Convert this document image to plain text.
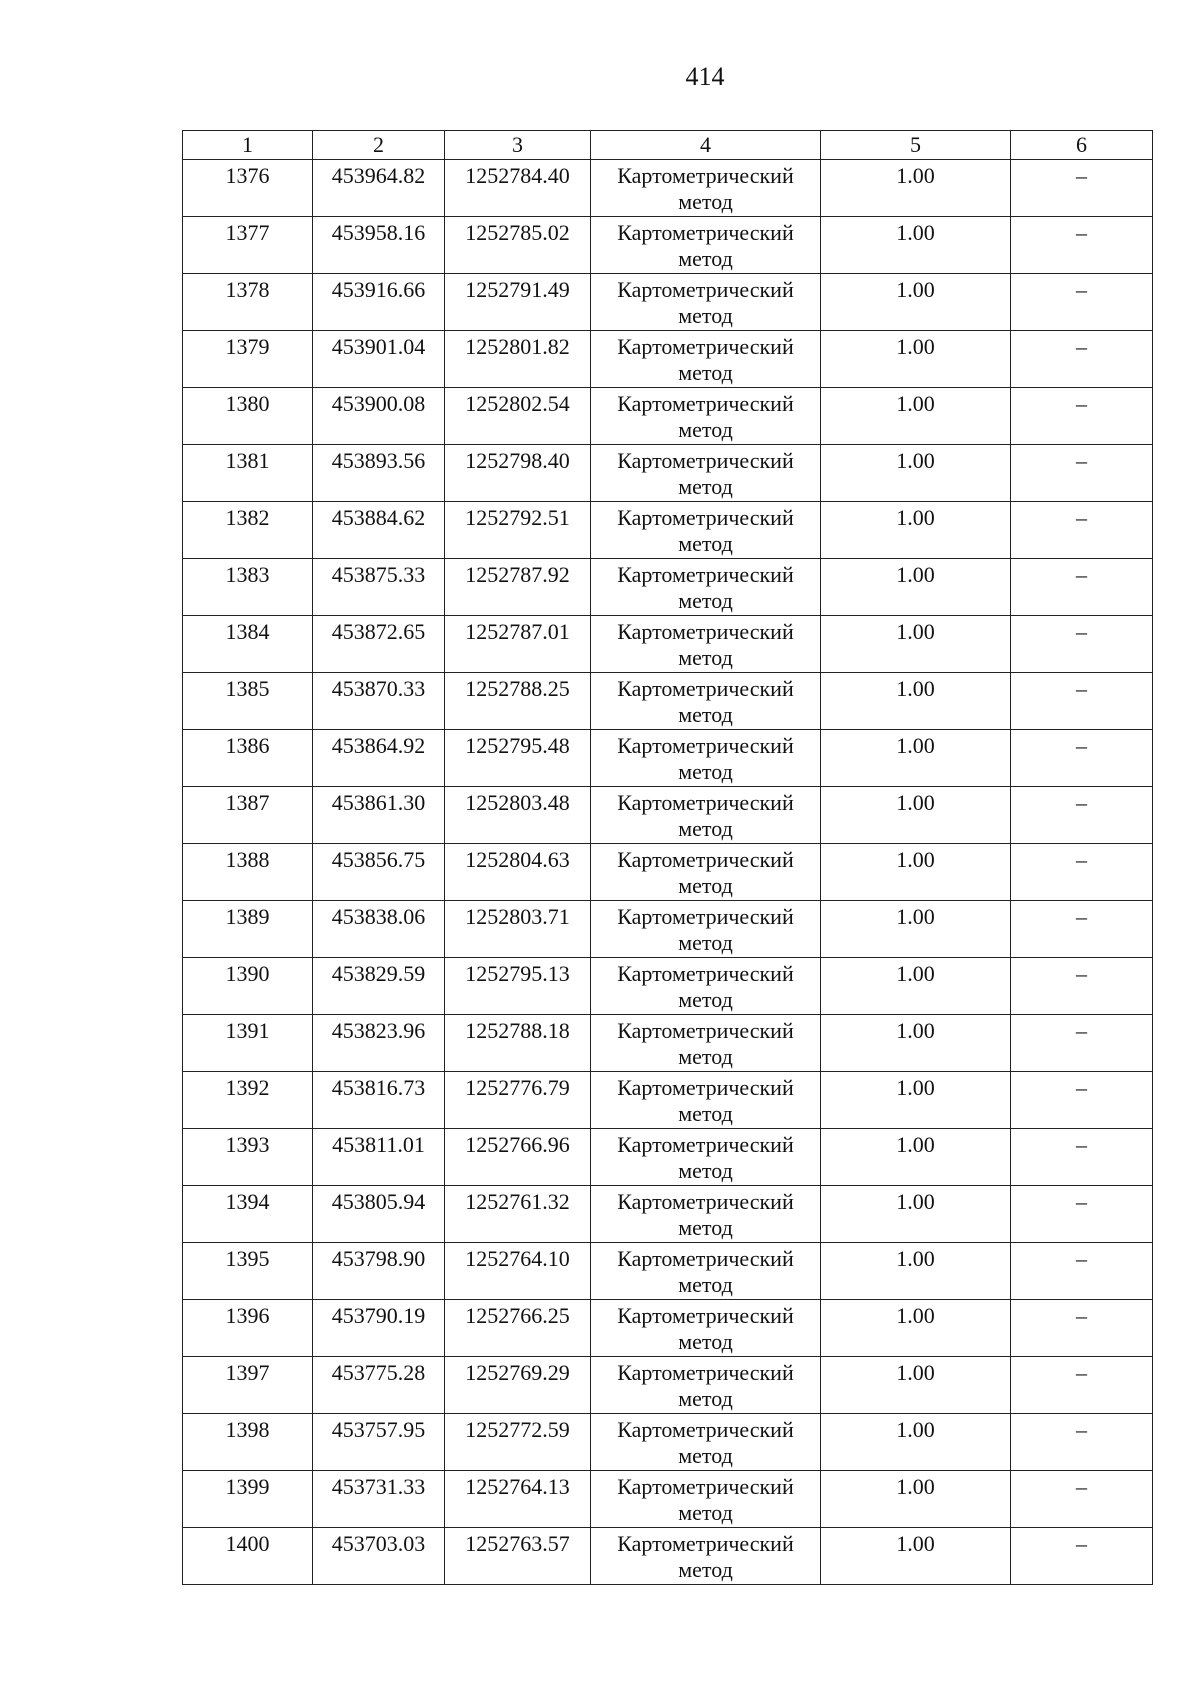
414
1	2	3	4	5	6
1376	453964.82	1252784.40	Картометрический метод	1.00	–
1377	453958.16	1252785.02	Картометрический метод	1.00	–
1378	453916.66	1252791.49	Картометрический метод	1.00	–
1379	453901.04	1252801.82	Картометрический метод	1.00	–
1380	453900.08	1252802.54	Картометрический метод	1.00	–
1381	453893.56	1252798.40	Картометрический метод	1.00	–
1382	453884.62	1252792.51	Картометрический метод	1.00	–
1383	453875.33	1252787.92	Картометрический метод	1.00	–
1384	453872.65	1252787.01	Картометрический метод	1.00	–
1385	453870.33	1252788.25	Картометрический метод	1.00	–
1386	453864.92	1252795.48	Картометрический метод	1.00	–
1387	453861.30	1252803.48	Картометрический метод	1.00	–
1388	453856.75	1252804.63	Картометрический метод	1.00	–
1389	453838.06	1252803.71	Картометрический метод	1.00	–
1390	453829.59	1252795.13	Картометрический метод	1.00	–
1391	453823.96	1252788.18	Картометрический метод	1.00	–
1392	453816.73	1252776.79	Картометрический метод	1.00	–
1393	453811.01	1252766.96	Картометрический метод	1.00	–
1394	453805.94	1252761.32	Картометрический метод	1.00	–
1395	453798.90	1252764.10	Картометрический метод	1.00	–
1396	453790.19	1252766.25	Картометрический метод	1.00	–
1397	453775.28	1252769.29	Картометрический метод	1.00	–
1398	453757.95	1252772.59	Картометрический метод	1.00	–
1399	453731.33	1252764.13	Картометрический метод	1.00	–
1400	453703.03	1252763.57	Картометрический метод	1.00	–
